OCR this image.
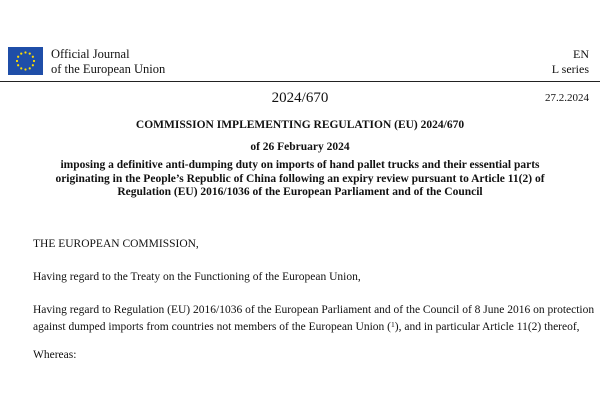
Official Journal
of the European Union
EN
L series
2024/670	27.2.2024
COMMISSION IMPLEMENTING REGULATION (EU) 2024/670
of 26 February 2024
imposing a definitive anti-dumping duty on imports of hand pallet trucks and their essential parts
originating in the People’s Republic of China following an expiry review pursuant to Article 11(2) of
Regulation (EU) 2016/1036 of the European Parliament and of the Council
THE EUROPEAN COMMISSION,
Having regard to the Treaty on the Functioning of the European Union,
Having regard to Regulation (EU) 2016/1036 of the European Parliament and of the Council of 8 June 2016 on protection
against dumped imports from countries not members of the European Union ($^1$), and in particular Article 11(2) thereof,
Whereas:
